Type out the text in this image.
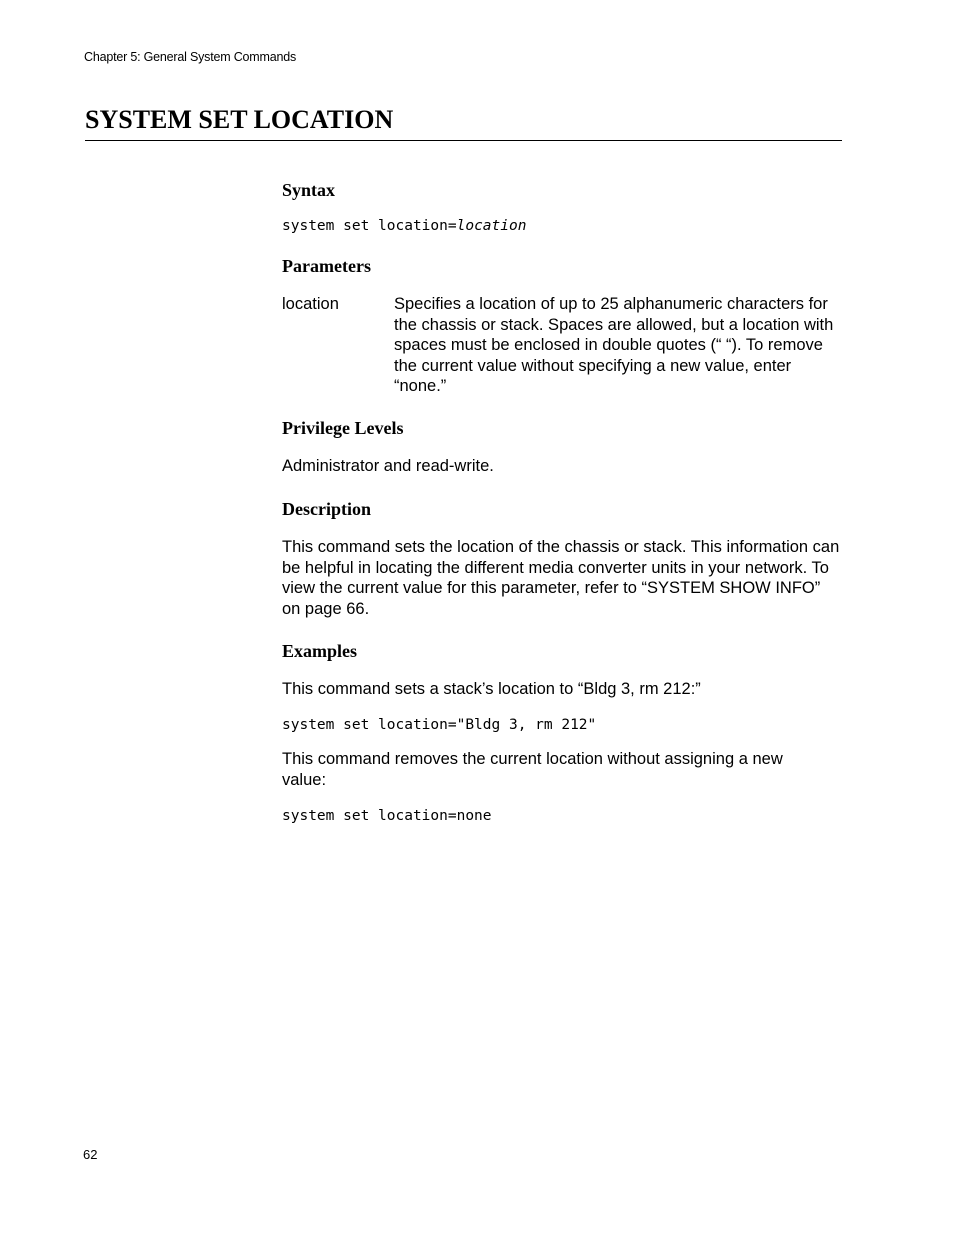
Chapter 5: General System Commands
SYSTEM SET LOCATION
Syntax
system set location=location
Parameters
location	Specifies a location of up to 25 alphanumeric characters for the chassis or stack. Spaces are allowed, but a location with spaces must be enclosed in double quotes (“ “). To remove the current value without specifying a new value, enter “none.”
Privilege Levels

Administrator and read-write.

Description

This command sets the location of the chassis or stack. This information can be helpful in locating the different media converter units in your network. To view the current value for this parameter, refer to “SYSTEM SHOW INFO” on page 66.

Examples

This command sets a stack’s location to “Bldg 3, rm 212:”

system set location="Bldg 3, rm 212"

This command removes the current location without assigning a new value:

system set location=none
62
